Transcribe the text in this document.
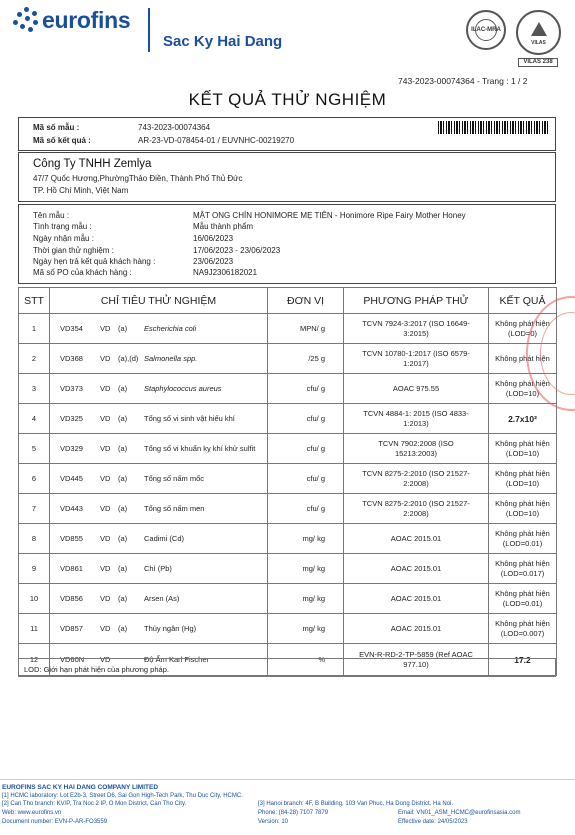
eurofins
Sac Ky Hai Dang
ILAC-MRA
VILAS
VILAS 238
743-2023-00074364 - Trang : 1 / 2
KẾT QUẢ THỬ NGHIỆM
Mã số mẫu :	743-2023-00074364
Mã số kết quả :	AR-23-VD-078454-01 / EUVNHC-00219270
Công Ty TNHH Zemlya
47/7 Quốc Hương,PhườngThảo Điền, Thành Phố Thủ Đức
TP. Hồ Chí Minh, Việt Nam
Tên mẫu :	MẬT ONG CHÍN HONIMORE MẸ TIÊN - Honimore Ripe Fairy Mother Honey
Tình trạng mẫu :	Mẫu thành phẩm
Ngày nhận mẫu :	16/06/2023
Thời gian thử nghiệm :	17/06/2023 - 23/06/2023
Ngày hẹn trả kết quả khách hàng :	23/06/2023
Mã số PO của khách hàng :	NA9J2306182021
STT	CHỈ TIÊU THỬ NGHIỆM	ĐƠN VỊ	PHƯƠNG PHÁP THỬ	KẾT QUẢ
1	VD354 VD (a) Escherichia coli	MPN/ g	TCVN 7924-3:2017 (ISO 16649-3:2015)	Không phát hiện
(LOD=0)

2	VD368 VD (a),(d) Salmonella spp.	/25 g	TCVN 10780-1:2017 (ISO 6579-1:2017)	Không phát hiện

3	VD373 VD (a) Staphylococcus aureus	cfu/ g	AOAC 975.55	Không phát hiện
(LOD=10)

4	VD325 VD (a) Tổng số vi sinh vật hiếu khí	cfu/ g	TCVN 4884-1: 2015 (ISO 4833-1:2013)	2.7x10²

5	VD329 VD (a) Tổng số vi khuẩn kỵ khí khử sulfit	cfu/ g	TCVN 7902:2008 (ISO 15213:2003)	Không phát hiện
(LOD=10)

6	VD445 VD (a) Tổng số nấm mốc	cfu/ g	TCVN 8275-2:2010 (ISO 21527-2:2008)	Không phát hiện
(LOD=10)

7	VD443 VD (a) Tổng số nấm men	cfu/ g	TCVN 8275-2:2010 (ISO 21527-2:2008)	Không phát hiện
(LOD=10)

8	VD855 VD (a) Cadimi (Cd)	mg/ kg	AOAC 2015.01	Không phát hiện
(LOD=0.01)

9	VD861 VD (a) Chì (Pb)	mg/ kg	AOAC 2015.01	Không phát hiện
(LOD=0.017)

10	VD856 VD (a) Arsen (As)	mg/ kg	AOAC 2015.01	Không phát hiện
(LOD=0.01)

11	VD857 VD (a) Thủy ngân (Hg)	mg/ kg	AOAC 2015.01	Không phát hiện
(LOD=0.007)

12	VD60N VD Độ Ẩm Karl Fischer	%	EVN-R-RD-2-TP-5859 (Ref AOAC 977.10)	17.2
LOD: Giới hạn phát hiện của phương pháp.
EUROFINS SAC KY HAI DANG COMPANY LIMITED
[1] HCMC laboratory: Lot E2b-3, Street D6, Sai Gon High-Tech Park, Thu Duc City, HCMC.
[2] Can Tho branch: KV/P, Tra Noc 2 IP, O Mon District, Can Tho City.	[3] Hanoi branch: 4F, B Building, 103 Van Phuc, Ha Dong District, Ha Noi.
Web: www.eurofins.vn	Phone: (84-28) 7107 7879	Email: VN01_ASM_HCMC@eurofinsasia.com
Document number: EVN-P-AR-FO3559	Version: 10	Effective date: 24/05/2023
